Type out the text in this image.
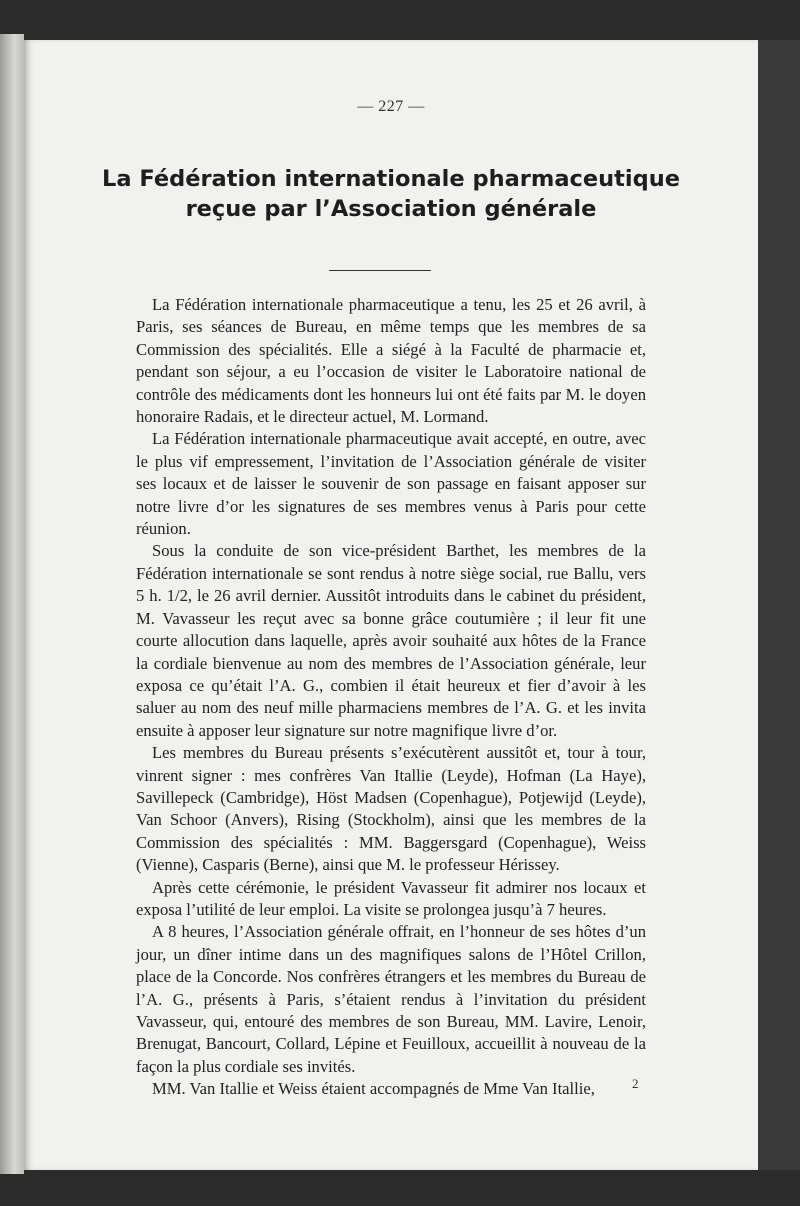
— 227 —
La Fédération internationale pharmaceutique
reçue par l’Association générale

La Fédération internationale pharmaceutique a tenu, les 25 et 26 avril, à Paris, ses séances de Bureau, en même temps que les membres de sa Commission des spécialités. Elle a siégé à la Faculté de pharmacie et, pendant son séjour, a eu l’occasion de visiter le Laboratoire national de contrôle des médicaments dont les honneurs lui ont été faits par M. le doyen honoraire Radais, et le directeur actuel, M. Lormand.

La Fédération internationale pharmaceutique avait accepté, en outre, avec le plus vif empressement, l’invitation de l’Association générale de visiter ses locaux et de laisser le souvenir de son passage en faisant apposer sur notre livre d’or les signatures de ses membres venus à Paris pour cette réunion.

Sous la conduite de son vice-président Barthet, les membres de la Fédération internationale se sont rendus à notre siège social, rue Ballu, vers 5 h. 1/2, le 26 avril dernier. Aussitôt introduits dans le cabinet du président, M. Vavasseur les reçut avec sa bonne grâce coutumière ; il leur fit une courte allocution dans laquelle, après avoir souhaité aux hôtes de la France la cordiale bienvenue au nom des membres de l’Association générale, leur exposa ce qu’était l’A. G., combien il était heureux et fier d’avoir à les saluer au nom des neuf mille pharmaciens membres de l’A. G. et les invita ensuite à apposer leur signature sur notre magnifique livre d’or.

Les membres du Bureau présents s’exécutèrent aussitôt et, tour à tour, vinrent signer : mes confrères Van Itallie (Leyde), Hofman (La Haye), Savillepeck (Cambridge), Höst Madsen (Copenhague), Potjewijd (Leyde), Van Schoor (Anvers), Rising (Stockholm), ainsi que les membres de la Commission des spécialités : MM. Baggersgard (Copenhague), Weiss (Vienne), Casparis (Berne), ainsi que M. le professeur Hérissey.

Après cette cérémonie, le président Vavasseur fit admirer nos locaux et exposa l’utilité de leur emploi. La visite se prolongea jusqu’à 7 heures.

A 8 heures, l’Association générale offrait, en l’honneur de ses hôtes d’un jour, un dîner intime dans un des magnifiques salons de l’Hôtel Crillon, place de la Concorde. Nos confrères étrangers et les membres du Bureau de l’A. G., présents à Paris, s’étaient rendus à l’invitation du président Vavasseur, qui, entouré des membres de son Bureau, MM. Lavire, Lenoir, Brenugat, Bancourt, Collard, Lépine et Feuilloux, accueillit à nouveau de la façon la plus cordiale ses invités.

MM. Van Itallie et Weiss étaient accompagnés de Mme Van Itallie,	2
